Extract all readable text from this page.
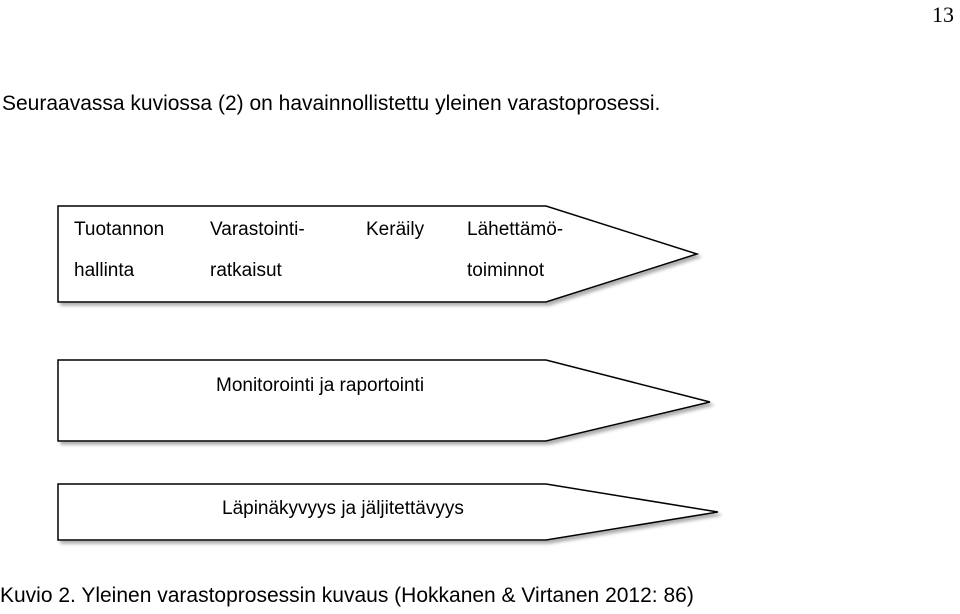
13
Seuraavassa kuviossa (2) on havainnollistettu yleinen varastoprosessi.
Tuotannon Varastointi-	Keräily Lähettämö-
hallinta	ratkaisut	toiminnot
Monitorointi ja raportointi
Läpinäkyvyys ja jäljitettävyys
Kuvio 2. Yleinen varastoprosessin kuvaus (Hokkanen & Virtanen 2012: 86)
